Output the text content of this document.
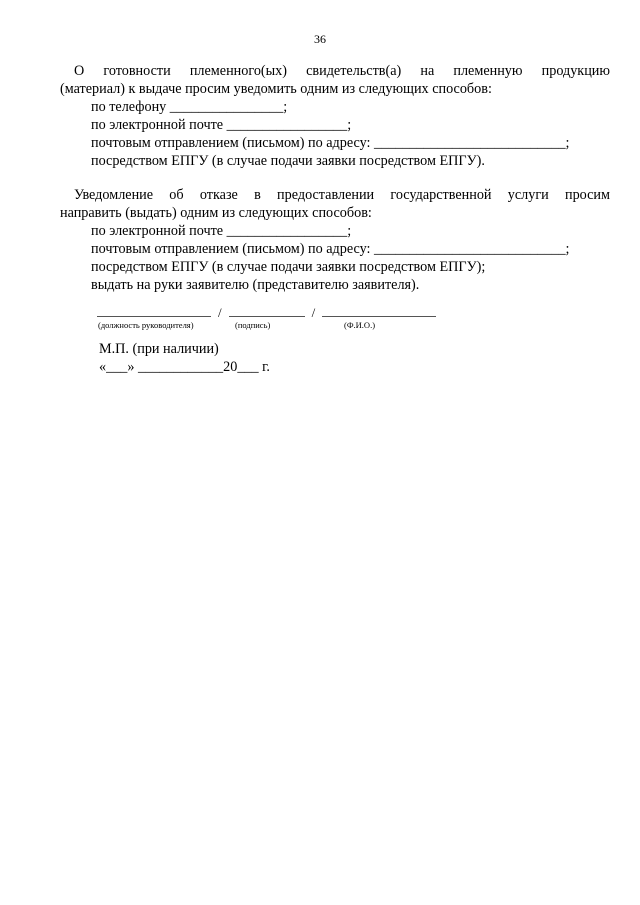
36
О готовности племенного(ых) свидетельств(а) на племенную продукцию
(материал) к выдаче просим уведомить одним из следующих способов:
по телефону ________________;
по электронной почте _________________;
почтовым отправлением (письмом) по адресу: ___________________________;
посредством ЕПГУ (в случае подачи заявки посредством ЕПГУ).
Уведомление об отказе в предоставлении государственной услуги просим
направить (выдать) одним из следующих способов:
по электронной почте _________________;
почтовым отправлением (письмом) по адресу: ___________________________;
посредством ЕПГУ (в случае подачи заявки посредством ЕПГУ);
выдать на руки заявителю (представителю заявителя).
/	/
(должность руководителя)	(подпись)	(Ф.И.О.)
М.П. (при наличии)
«___» ____________20___ г.
